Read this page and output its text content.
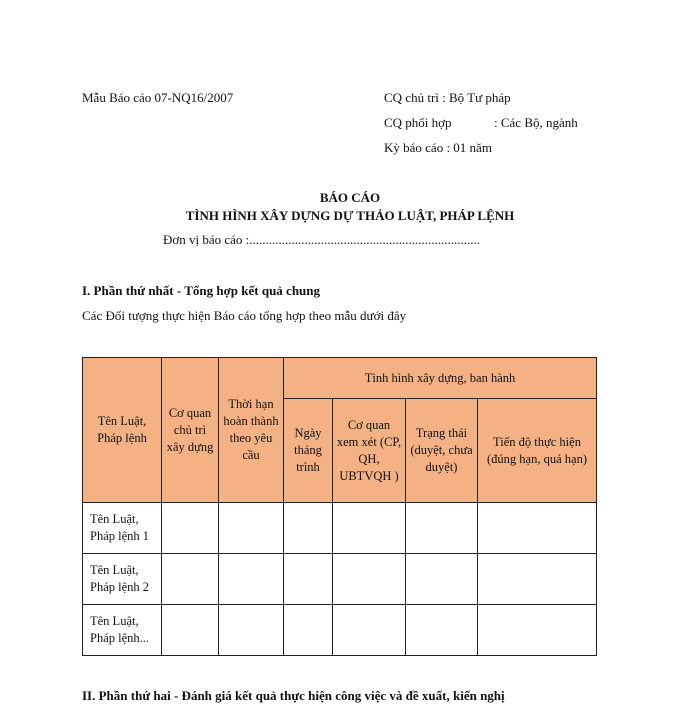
Mẫu Báo cáo 07-NQ16/2007	CQ chủ trì : Bộ Tư pháp
CQ phối hợp	: Các Bộ, ngành
Kỳ báo cáo : 01 năm
BÁO CÁO
TÌNH HÌNH XÂY DỰNG DỰ THẢO LUẬT, PHÁP LỆNH
Đơn vị báo cáo :.......................................................................
I. Phần thứ nhất - Tổng hợp kết quả chung
Các Đối tượng thực hiện Báo cáo tổng hợp theo mẫu dưới đây
Tên Luật, Pháp lệnh	Cơ quan chủ trì xây dựng	Thời hạn hoàn thành theo yêu cầu	Tình hình xây dựng, ban hành			
			Ngày tháng trình	Cơ quan xem xét (CP, QH, UBTVQH )	Trạng thái (duyệt, chưa duyệt)	Tiến độ thực hiện (đúng hạn, quá hạn)
Tên Luật, Pháp lệnh 1						
Tên Luật, Pháp lệnh 2						
Tên Luật, Pháp lệnh...						
II. Phần thứ hai - Đánh giá kết quả thực hiện công việc và đề xuất, kiến nghị
